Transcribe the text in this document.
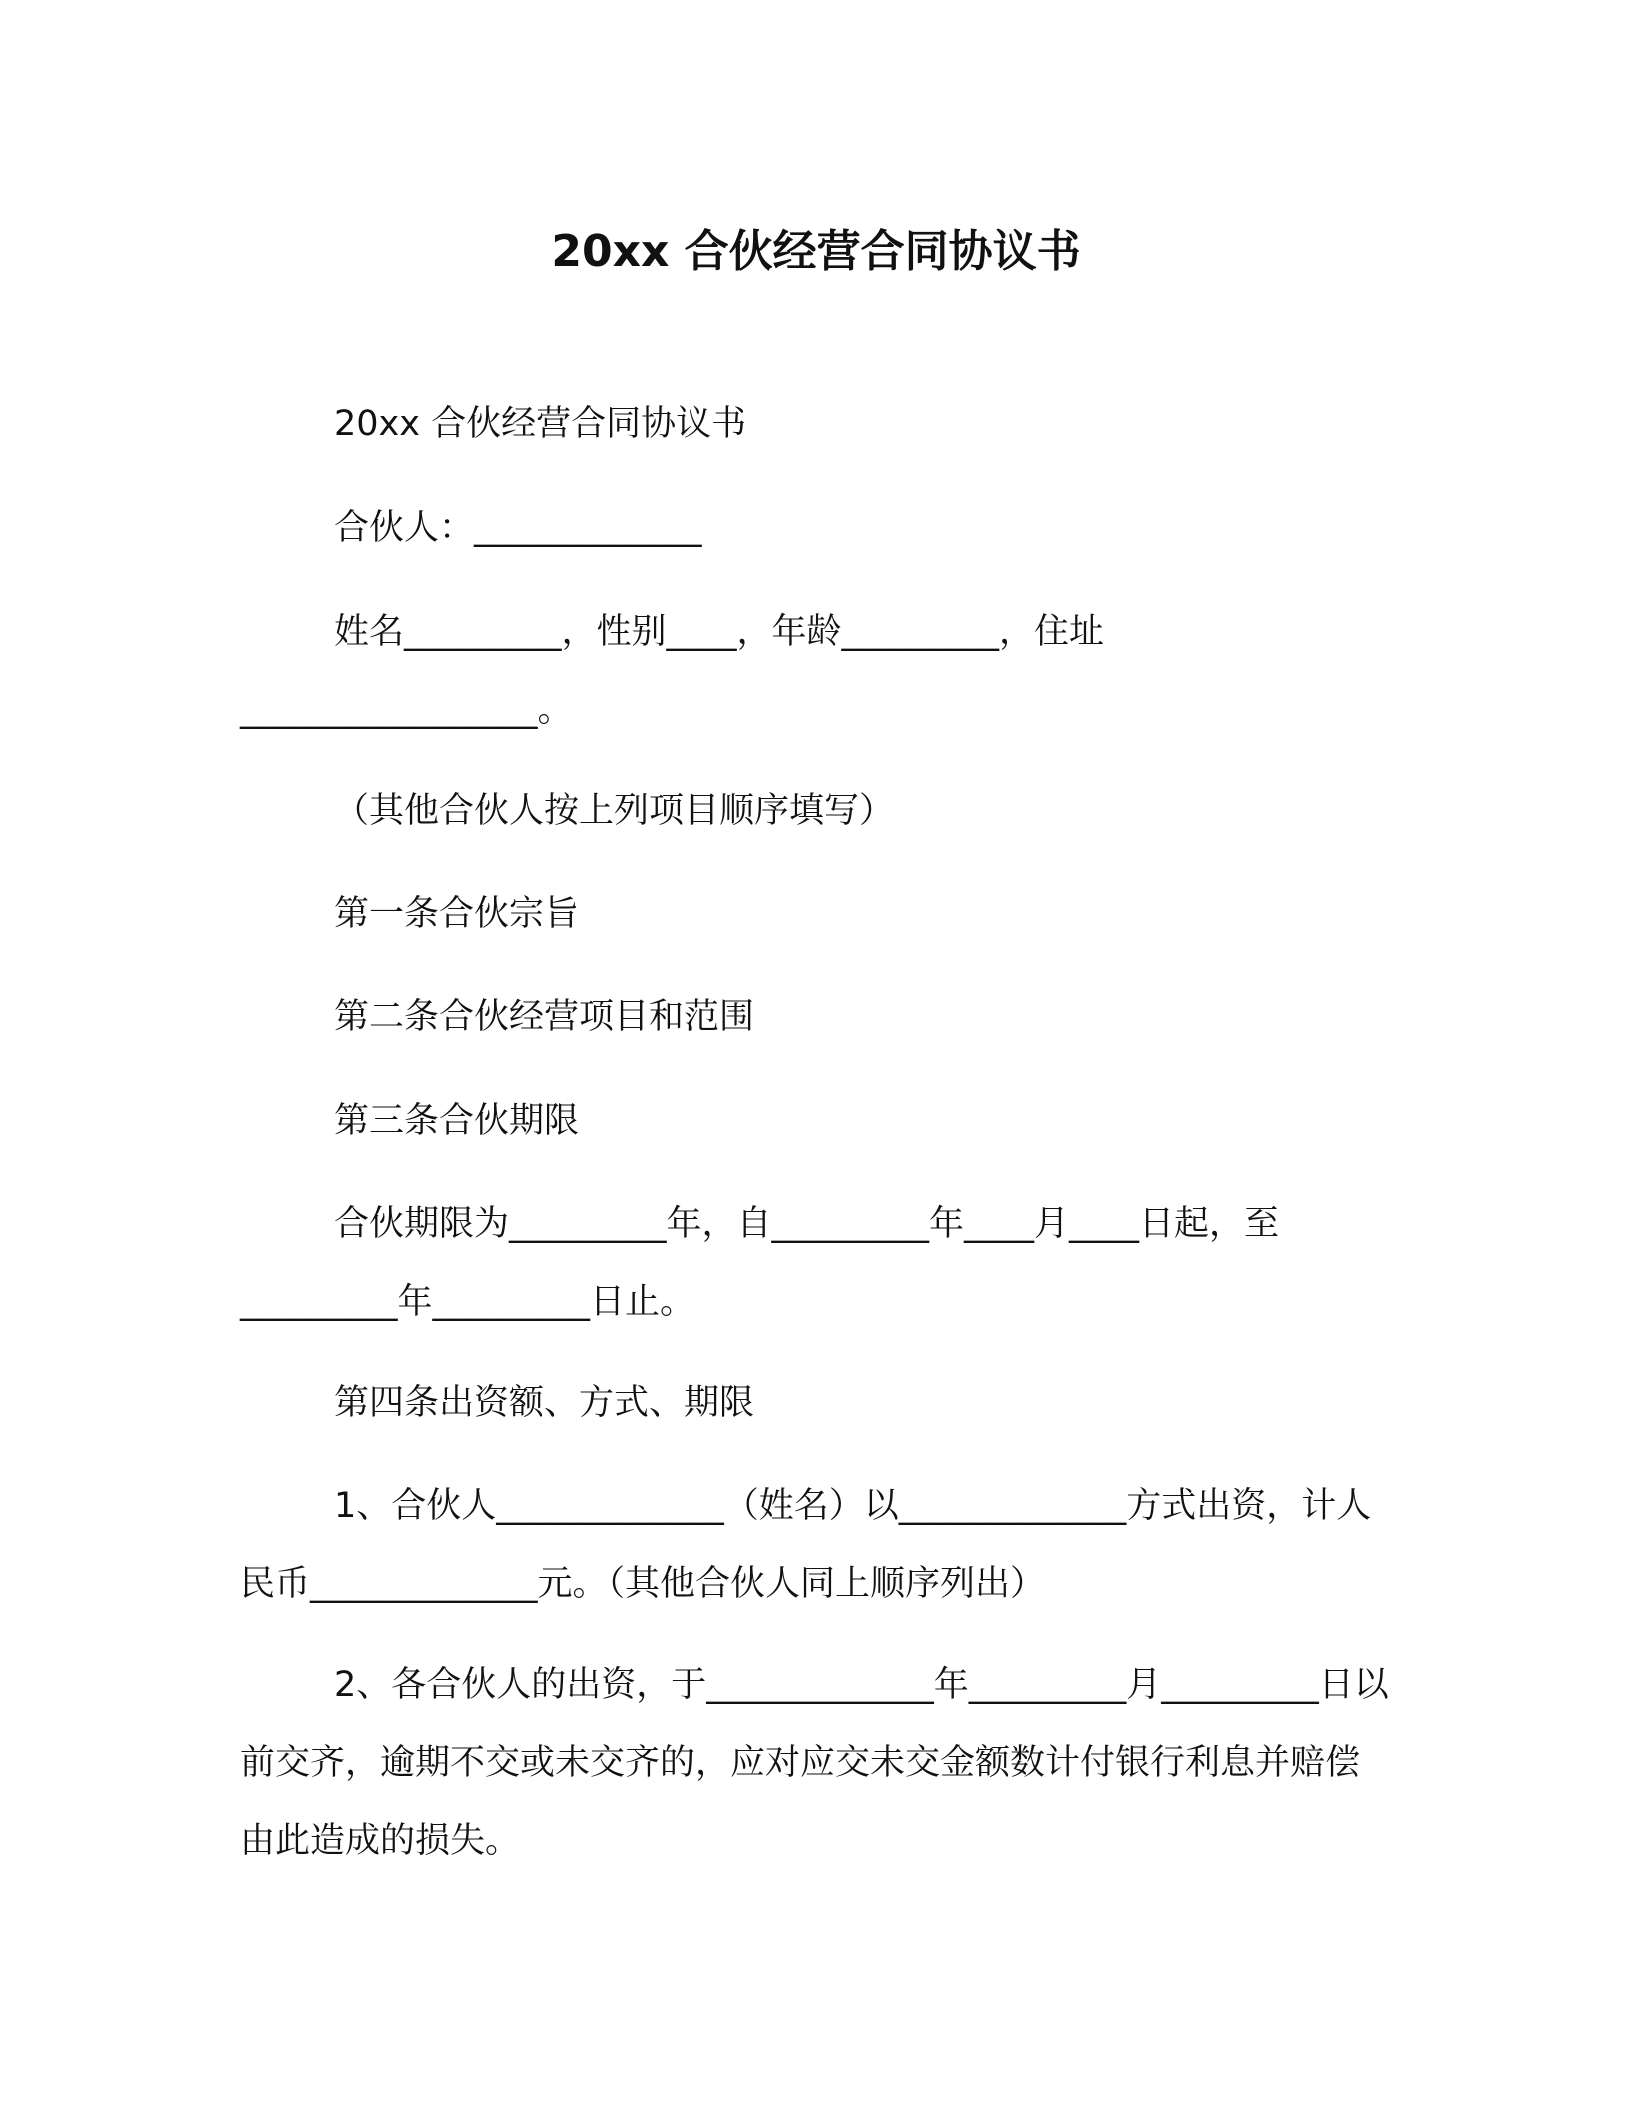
20xx 合伙经营合同协议书

20xx 合伙经营合同协议书

合伙人：_____________

姓名_________，性别____，年龄_________，住址_________________。

（其他合伙人按上列项目顺序填写）

第一条合伙宗旨

第二条合伙经营项目和范围

第三条合伙期限

合伙期限为_________年，自_________年____月____日起，至_________年_________日止。

第四条出资额、方式、期限

1、合伙人_____________（姓名）以_____________方式出资，计人民币_____________元。（其他合伙人同上顺序列出）

2、各合伙人的出资，于_____________年_________月_________日以前交齐，逾期不交或未交齐的，应对应交未交金额数计付银行利息并赔偿由此造成的损失。
